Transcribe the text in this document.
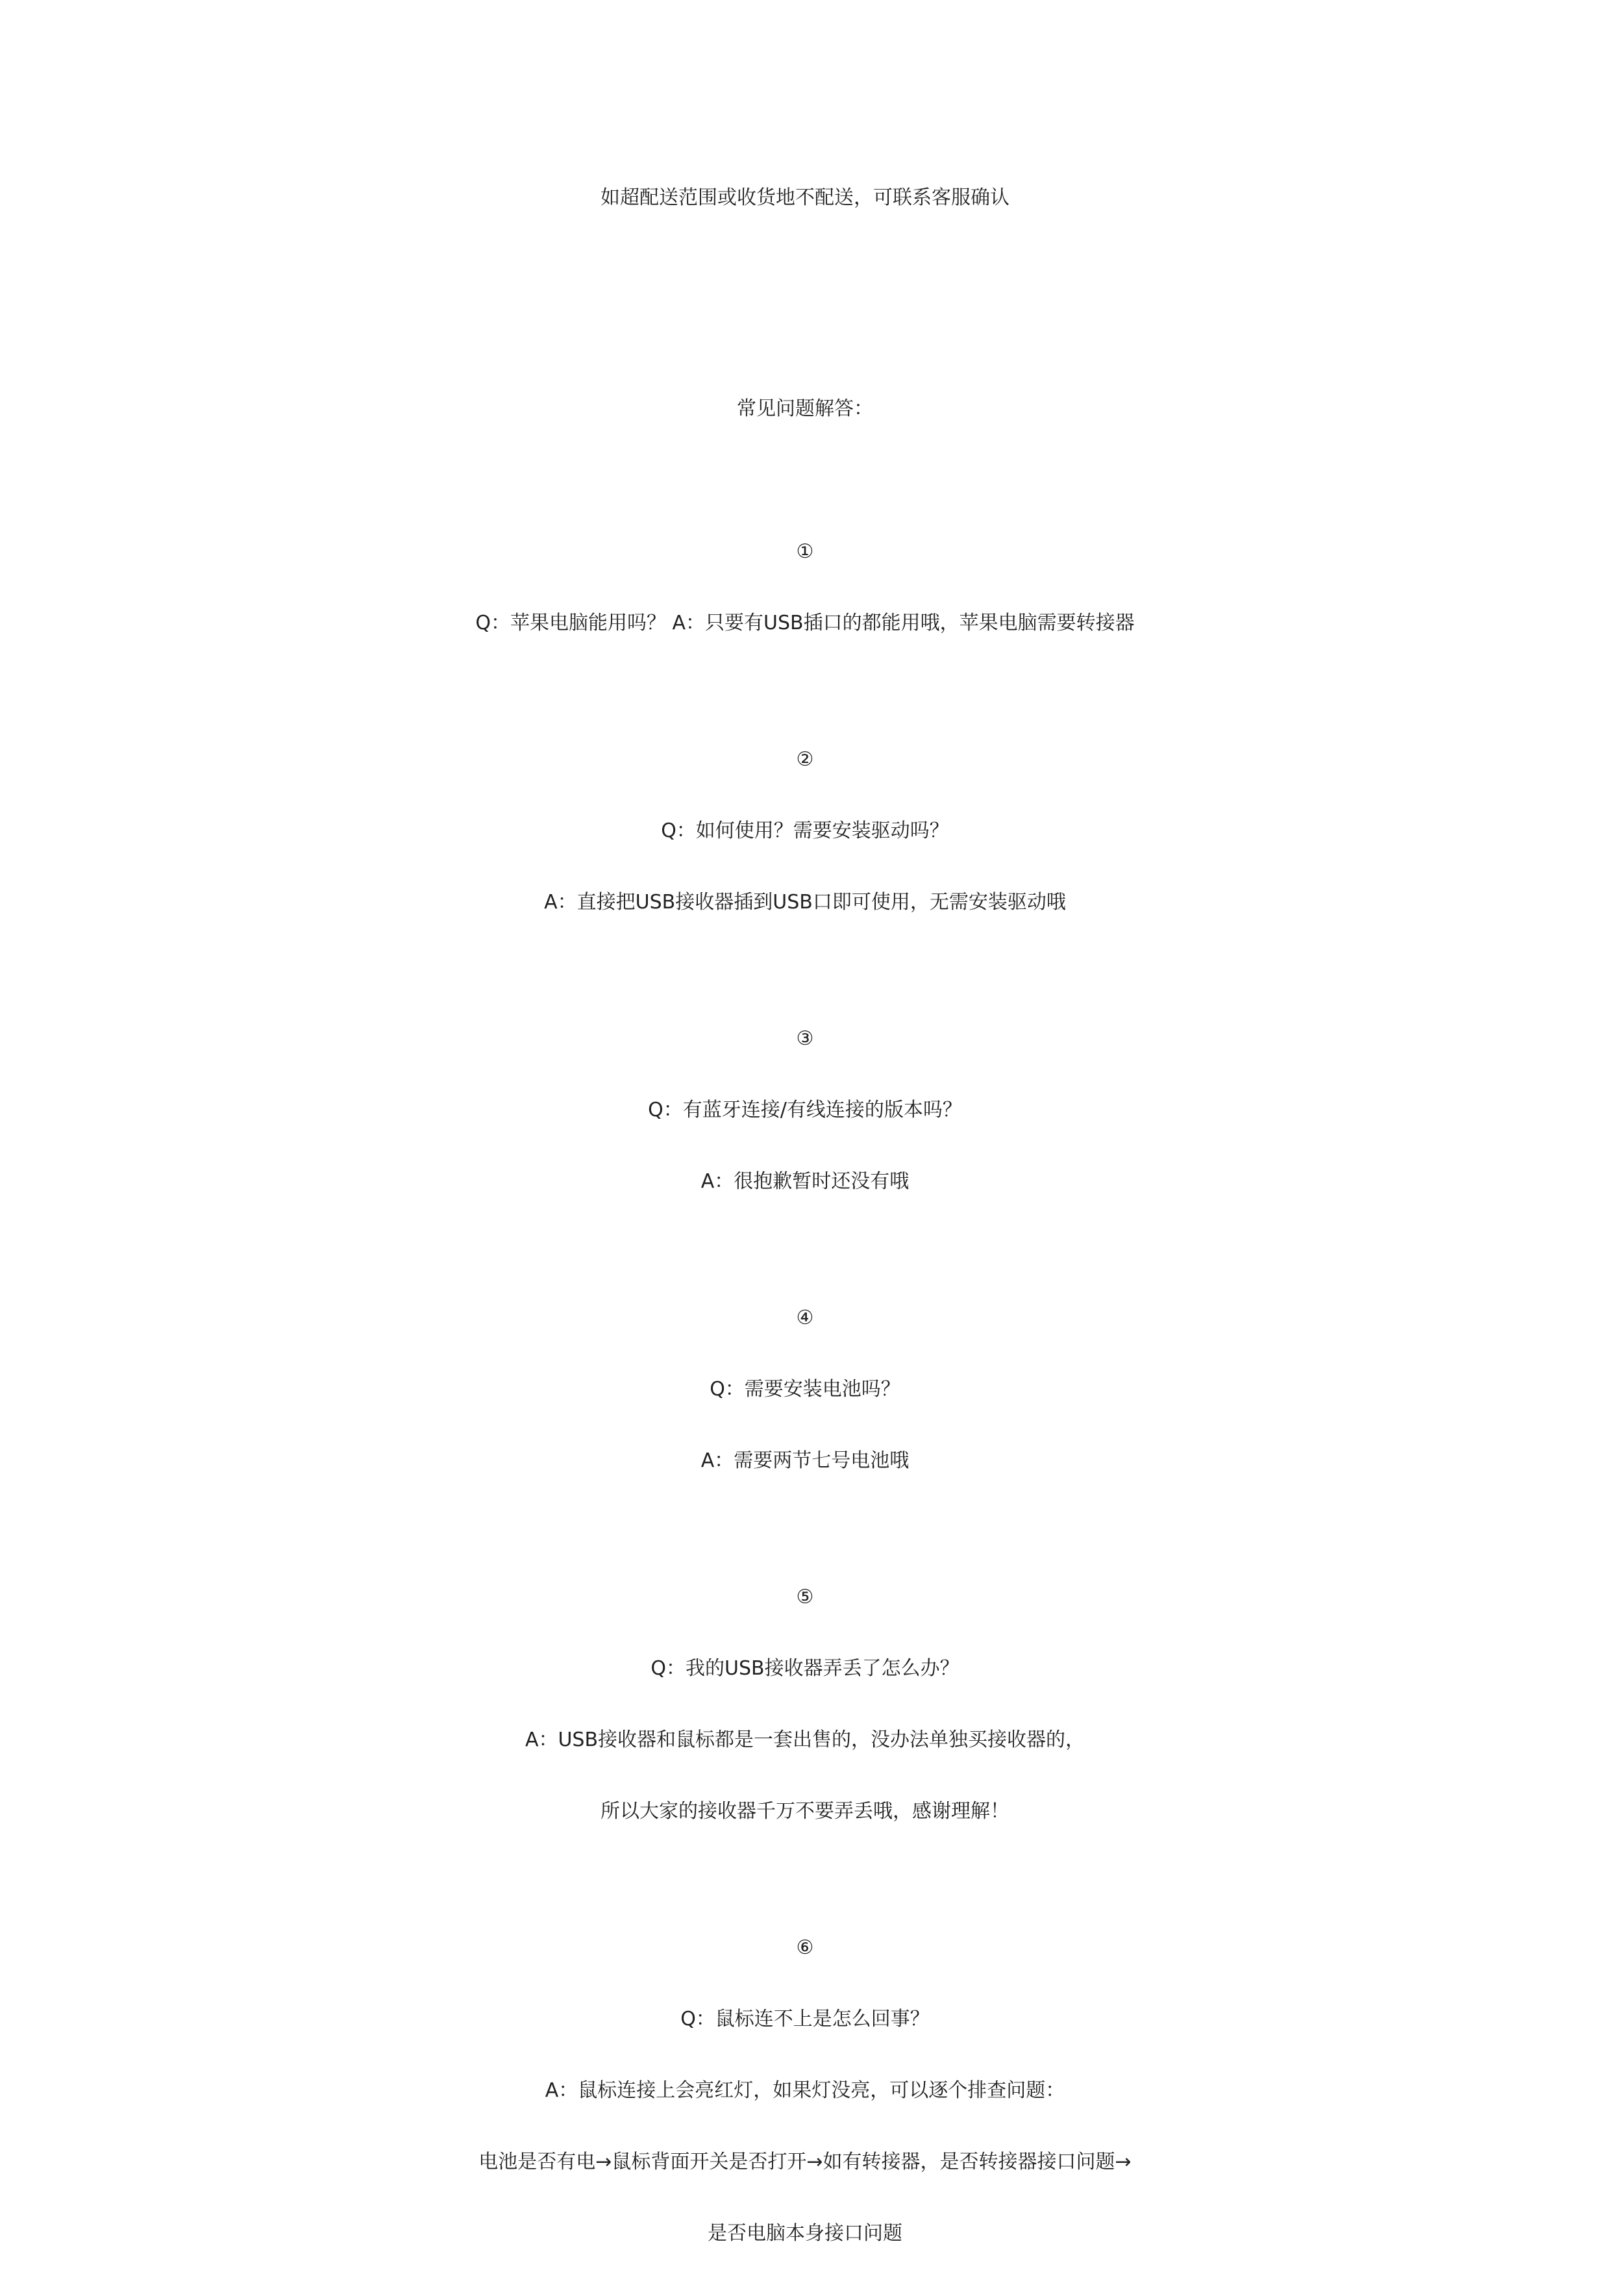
如超配送范围或收货地不配送，可联系客服确认
常见问题解答：
①
Q：苹果电脑能用吗？ A：只要有USB插口的都能用哦，苹果电脑需要转接器
②
Q：如何使用？需要安装驱动吗？
A：直接把USB接收器插到USB口即可使用，无需安装驱动哦
③
Q：有蓝牙连接/有线连接的版本吗？
A：很抱歉暂时还没有哦
④
Q：需要安装电池吗？
A：需要两节七号电池哦
⑤
Q：我的USB接收器弄丢了怎么办？
A：USB接收器和鼠标都是一套出售的，没办法单独买接收器的，
所以大家的接收器千万不要弄丢哦，感谢理解！
⑥
Q：鼠标连不上是怎么回事？
A：鼠标连接上会亮红灯，如果灯没亮，可以逐个排查问题：
电池是否有电→鼠标背面开关是否打开→如有转接器，是否转接器接口问题→
是否电脑本身接口问题
